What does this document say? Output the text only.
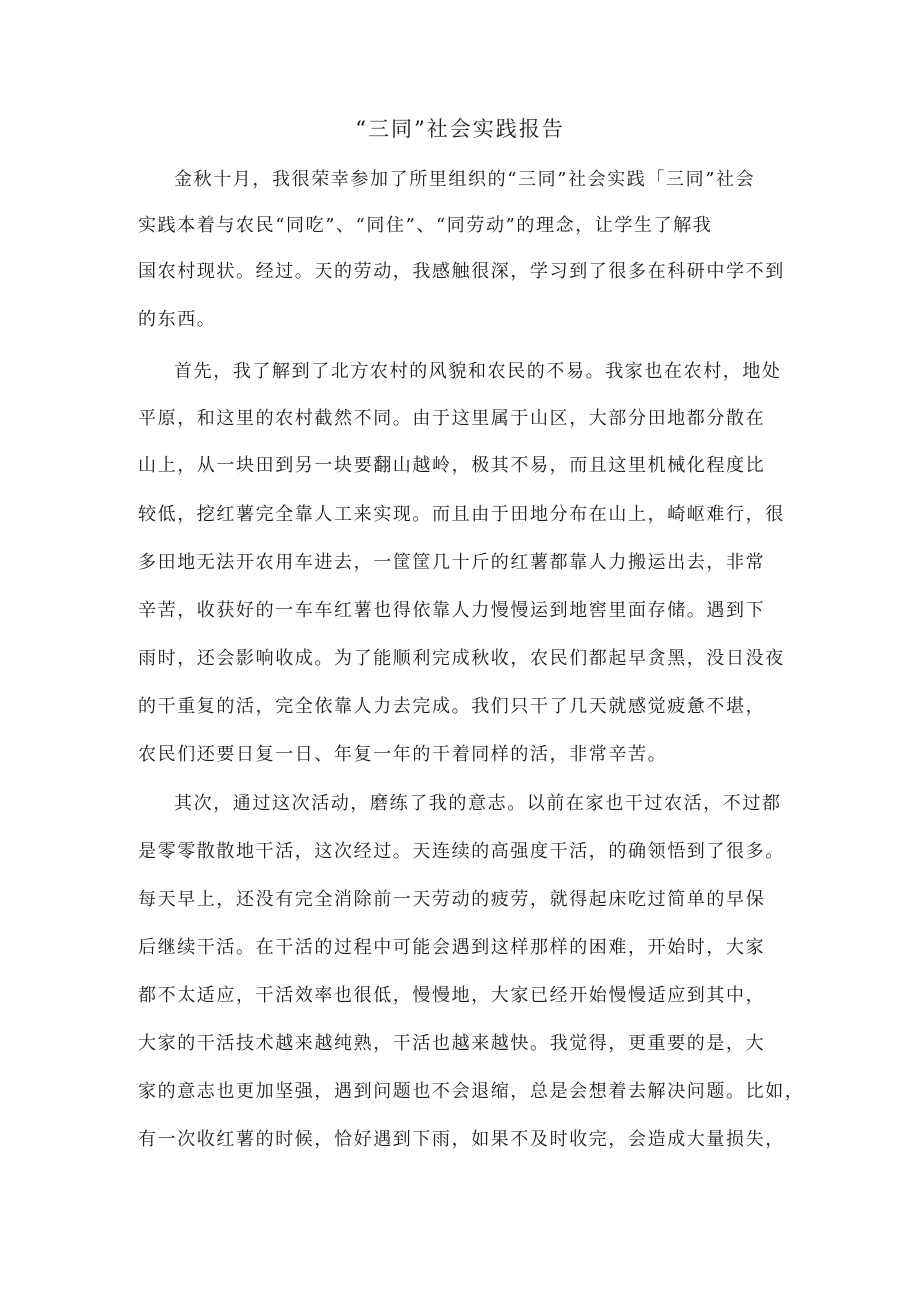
“三同”社会实践报告
金秋十月，我很荣幸参加了所里组织的“三同”社会实践「三同”社会
实践本着与农民“同吃”、“同住”、“同劳动”的理念，让学生了解我
国农村现状。经过。天的劳动，我感触很深，学习到了很多在科研中学不到
的东西。
首先，我了解到了北方农村的风貌和农民的不易。我家也在农村，地处
平原，和这里的农村截然不同。由于这里属于山区，大部分田地都分散在
山上，从一块田到另一块要翻山越岭，极其不易，而且这里机械化程度比
较低，挖红薯完全靠人工来实现。而且由于田地分布在山上，崎岖难行，很
多田地无法开农用车进去，一筐筐几十斤的红薯都靠人力搬运出去，非常
辛苦，收获好的一车车红薯也得依靠人力慢慢运到地窖里面存储。遇到下
雨时，还会影响收成。为了能顺利完成秋收，农民们都起早贪黑，没日没夜
的干重复的活，完全依靠人力去完成。我们只干了几天就感觉疲惫不堪，
农民们还要日复一日、年复一年的干着同样的活，非常辛苦。
其次，通过这次活动，磨练了我的意志。以前在家也干过农活，不过都
是零零散散地干活，这次经过。天连续的高强度干活，的确领悟到了很多。
每天早上，还没有完全消除前一天劳动的疲劳，就得起床吃过简单的早保
后继续干活。在干活的过程中可能会遇到这样那样的困难，开始时，大家
都不太适应，干活效率也很低，慢慢地，大家已经开始慢慢适应到其中，
大家的干活技术越来越纯熟，干活也越来越快。我觉得，更重要的是，大
家的意志也更加坚强，遇到问题也不会退缩，总是会想着去解决问题。比如，
有一次收红薯的时候，恰好遇到下雨，如果不及时收完，会造成大量损失，
